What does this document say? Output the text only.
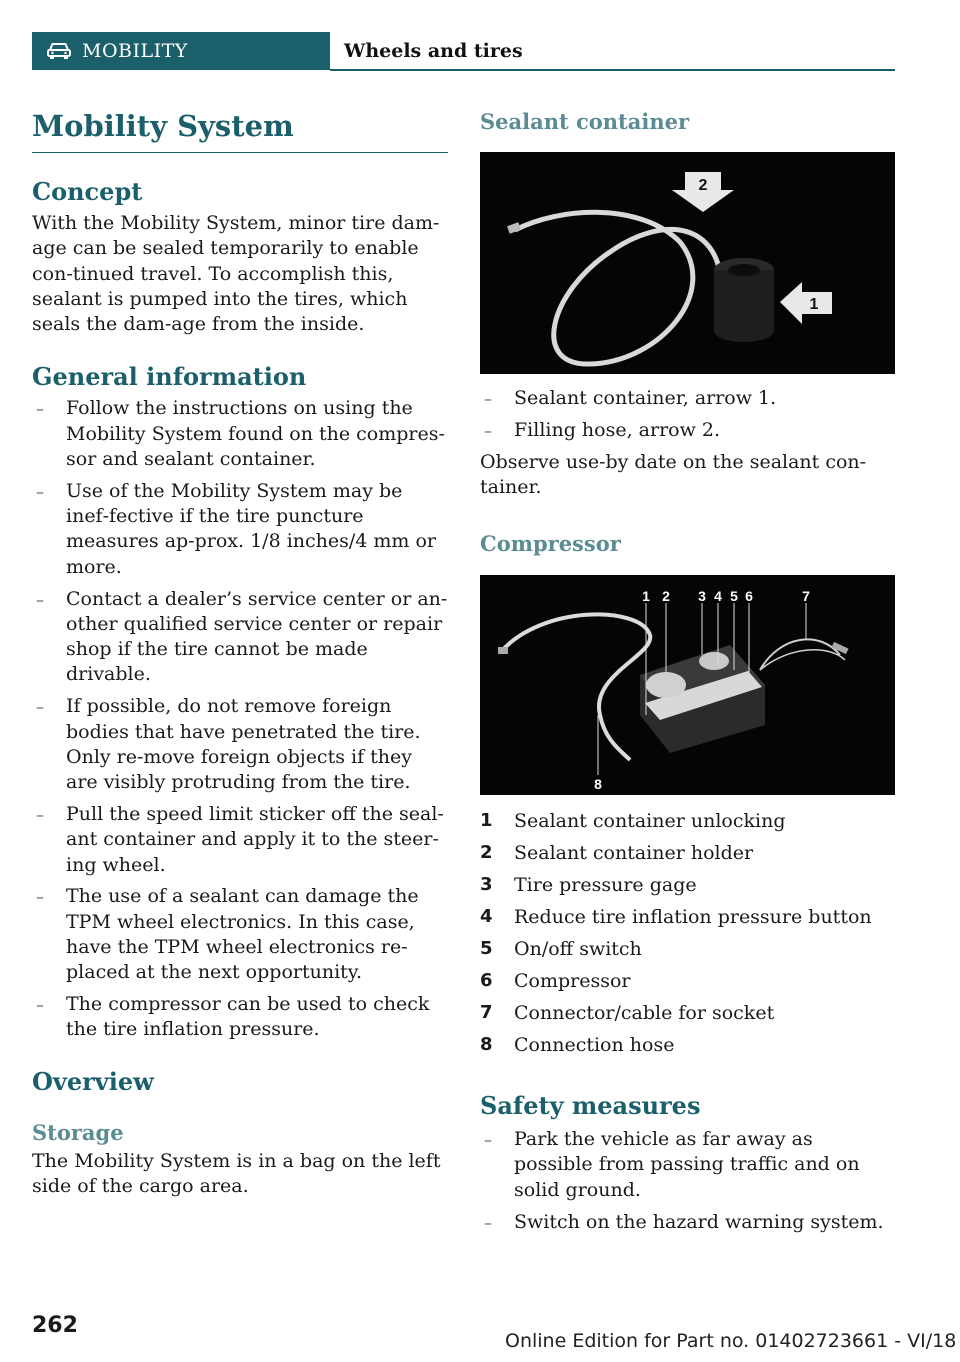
MOBILITY	Wheels and tires
Mobility System
Concept

With the Mobility System, minor tire dam‐age can be sealed temporarily to enable con‐tinued travel. To accomplish this, sealant is pumped into the tires, which seals the dam‐age from the inside.

General information
– Follow the instructions on using the Mobility System found on the compres‐sor and sealant container.
– Use of the Mobility System may be inef‐fective if the tire puncture measures ap‐prox. 1/8 inches/4 mm or more.
– Contact a dealer’s service center or an‐other qualified service center or repair shop if the tire cannot be made drivable.
– If possible, do not remove foreign bodies that have penetrated the tire. Only re‐move foreign objects if they are visibly protruding from the tire.
– Pull the speed limit sticker off the seal‐ant container and apply it to the steer‐ing wheel.
– The use of a sealant can damage the TPM wheel electronics. In this case, have the TPM wheel electronics re‐placed at the next opportunity.
– The compressor can be used to check the tire inflation pressure.
Overview
Storage

The Mobility System is in a bag on the left side of the cargo area.

Sealant container
2
1
– Sealant container, arrow 1.
– Filling hose, arrow 2.

Observe use-by date on the sealant con‐tainer.

Compressor
1 2 3 4 5 6	7
8
1	Sealant container unlocking
2	Sealant container holder
3	Tire pressure gage
4	Reduce tire inflation pressure button
5	On/off switch
6	Compressor
7	Connector/cable for socket
8	Connection hose
Safety measures
– Park the vehicle as far away as possible from passing traffic and on solid ground.
– Switch on the hazard warning system.
262
Online Edition for Part no. 01402723661 - VI/18
